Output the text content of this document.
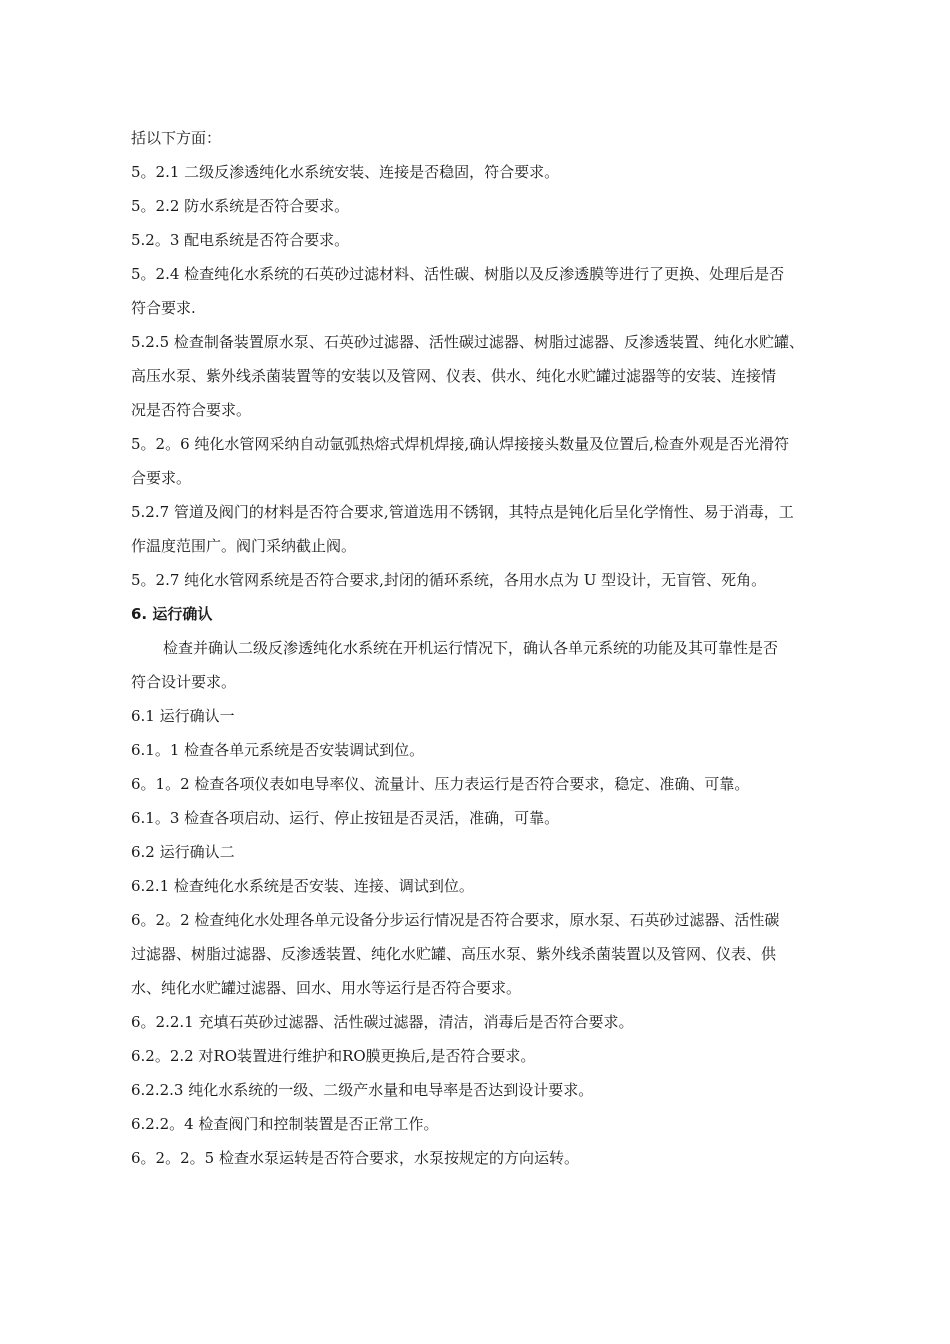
括以下方面：
5。2.1 二级反渗透纯化水系统安装、连接是否稳固，符合要求。
5。2.2 防水系统是否符合要求。
5.2。3 配电系统是否符合要求。
5。2.4 检查纯化水系统的石英砂过滤材料、活性碳、树脂以及反渗透膜等进行了更换、处理后是否
符合要求.
5.2.5 检查制备装置原水泵、石英砂过滤器、活性碳过滤器、树脂过滤器、反渗透装置、纯化水贮罐、
高压水泵、紫外线杀菌装置等的安装以及管网、仪表、供水、纯化水贮罐过滤器等的安装、连接情
况是否符合要求。
5。2。6 纯化水管网采纳自动氩弧热熔式焊机焊接,确认焊接接头数量及位置后,检查外观是否光滑符
合要求。
5.2.7 管道及阀门的材料是否符合要求,管道选用不锈钢，其特点是钝化后呈化学惰性、易于消毒，工
作温度范围广。阀门采纳截止阀。
5。2.7 纯化水管网系统是否符合要求,封闭的循环系统，各用水点为 U 型设计，无盲管、死角。
6. 运行确认
检查并确认二级反渗透纯化水系统在开机运行情况下，确认各单元系统的功能及其可靠性是否
符合设计要求。
6.1 运行确认一
6.1。1 检查各单元系统是否安装调试到位。
6。1。2 检查各项仪表如电导率仪、流量计、压力表运行是否符合要求，稳定、准确、可靠。
6.1。3 检查各项启动、运行、停止按钮是否灵活，准确，可靠。
6.2 运行确认二
6.2.1 检查纯化水系统是否安装、连接、调试到位。
6。2。2 检查纯化水处理各单元设备分步运行情况是否符合要求，原水泵、石英砂过滤器、活性碳
过滤器、树脂过滤器、反渗透装置、纯化水贮罐、高压水泵、紫外线杀菌装置以及管网、仪表、供
水、纯化水贮罐过滤器、回水、用水等运行是否符合要求。
6。2.2.1 充填石英砂过滤器、活性碳过滤器，清洁，消毒后是否符合要求。
6.2。2.2 对RO装置进行维护和RO膜更换后,是否符合要求。
6.2.2.3 纯化水系统的一级、二级产水量和电导率是否达到设计要求。
6.2.2。4 检查阀门和控制装置是否正常工作。
6。2。2。5 检查水泵运转是否符合要求，水泵按规定的方向运转。
